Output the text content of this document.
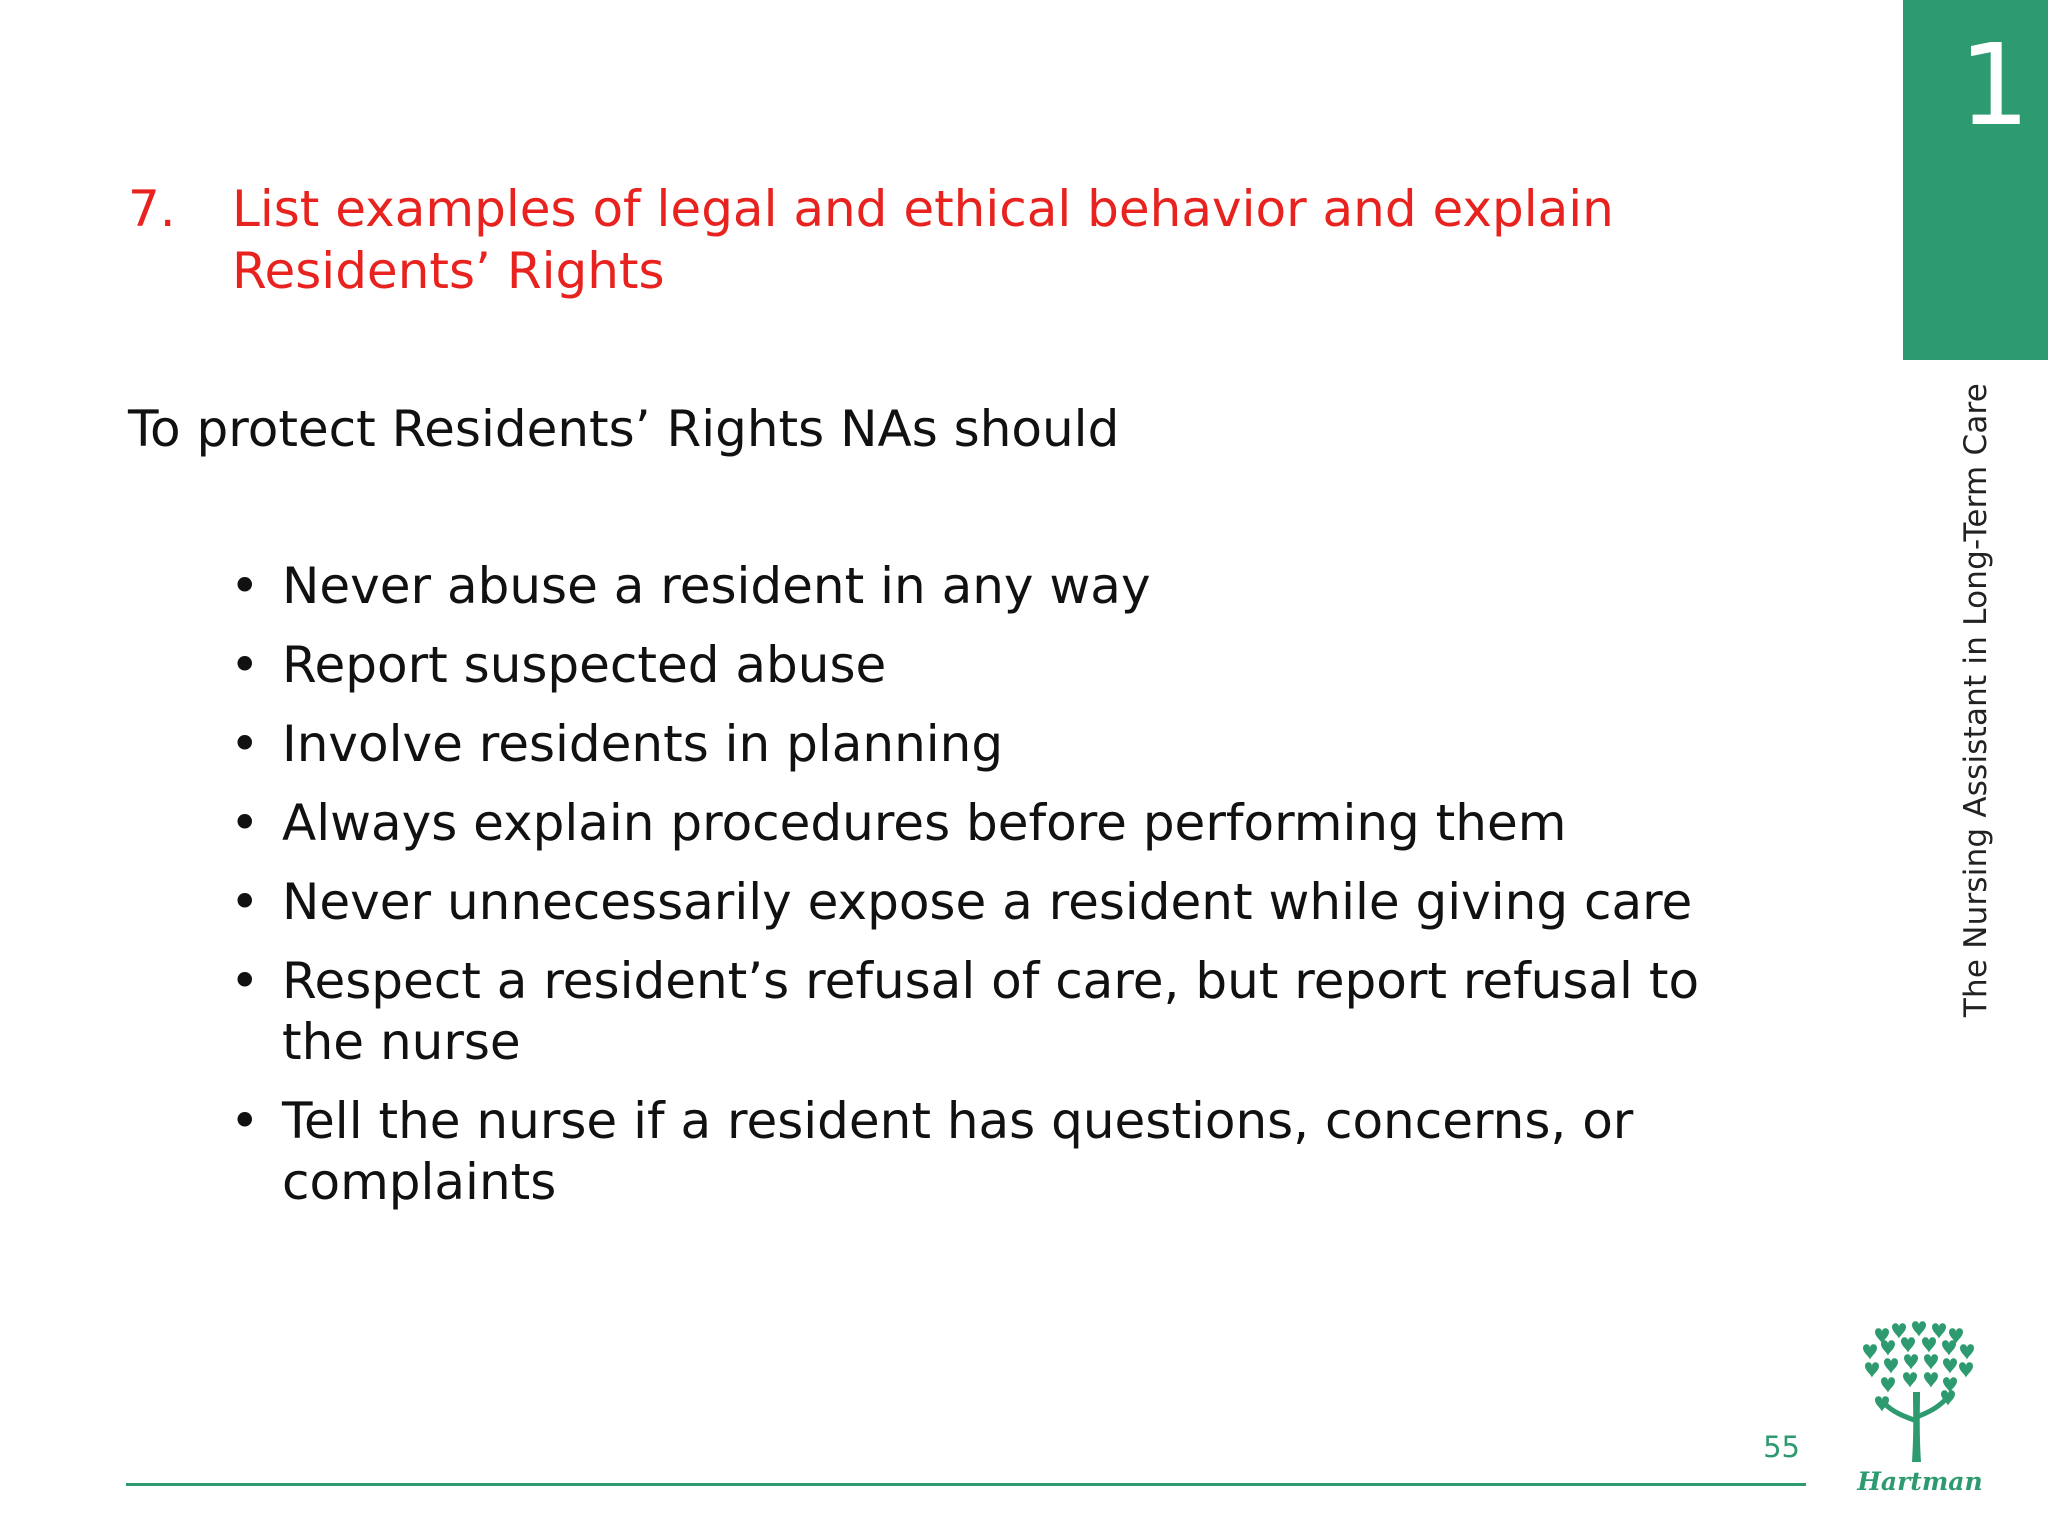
1
The Nursing Assistant in Long-Term Care
7.	List examples of legal and ethical behavior and explain Residents’ Rights
To protect Residents’ Rights NAs should
• Never abuse a resident in any way
• Report suspected abuse
• Involve residents in planning
• Always explain procedures before performing them
• Never unnecessarily expose a resident while giving care
• Respect a resident’s refusal of care, but report refusal to the nurse
• Tell the nurse if a resident has questions, concerns, or complaints
55
Hartman
